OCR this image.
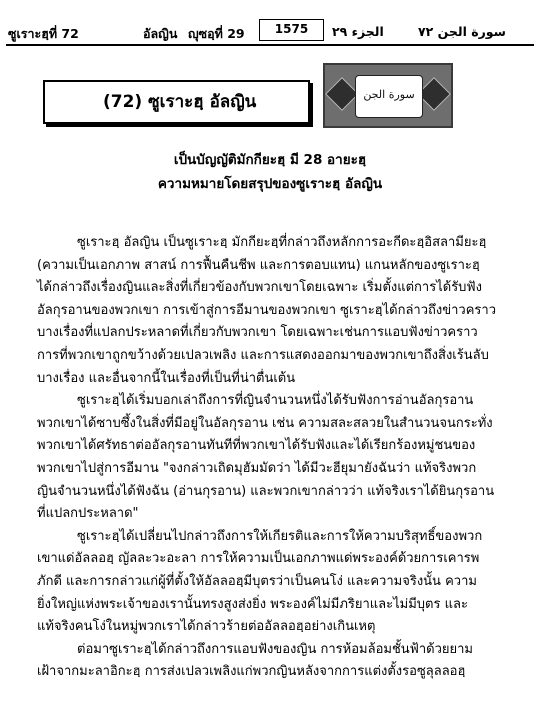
ซูเราะฮฺที่ 72	อัลญิน ญุซอฺที่ 29	الجزء ٢٩	سورة الجن ٧٢
1575
(72) ซูเราะฮฺ อัลญิน	سورة الجن
เป็นบัญญัติมักกียะฮฺ มี 28 อายะฮฺ
ความหมายโดยสรุปของซูเราะฮฺ อัลญิน

ซูเราะฮฺ อัลญิน เป็นซูเราะฮฺ มักกียะฮฺที่กล่าวถึงหลักการอะกีดะฮฺอิสลามียะฮฺ

(ความเป็นเอกภาพ สาสน์ การฟื้นคืนชีพ และการตอบแทน) แกนหลักของซูเราะฮฺ

ได้กล่าวถึงเรื่องญินและสิ่งที่เกี่ยวข้องกับพวกเขาโดยเฉพาะ เริ่มตั้งแต่การได้รับฟัง

อัลกุรอานของพวกเขา การเข้าสู่การอีมานของพวกเขา ซูเราะฮฺได้กล่าวถึงข่าวคราว

บางเรื่องที่แปลกประหลาดที่เกี่ยวกับพวกเขา โดยเฉพาะเช่นการแอบฟังข่าวคราว

การที่พวกเขาถูกขว้างด้วยเปลวเพลิง และการแสดงออกมาของพวกเขาถึงสิ่งเร้นลับ

บางเรื่อง และอื่นจากนี้ในเรื่องที่เป็นที่น่าตื่นเต้น

ซูเราะฮฺได้เริ่มบอกเล่าถึงการที่ญินจำนวนหนึ่งได้รับฟังการอ่านอัลกุรอาน

พวกเขาได้ซาบซึ้งในสิ่งที่มีอยู่ในอัลกุรอาน เช่น ความสละสลวยในสำนวนจนกระทั่ง

พวกเขาได้ศรัทธาต่ออัลกุรอานทันทีที่พวกเขาได้รับฟังและได้เรียกร้องหมู่ชนของ

พวกเขาไปสู่การอีมาน "จงกล่าวเถิดมุฮัมมัดว่า ได้มีวะฮียุมายังฉันว่า แท้จริงพวก

ญินจำนวนหนึ่งได้ฟังฉัน (อ่านกุรอาน) และพวกเขากล่าวว่า แท้จริงเราได้ยินกุรอาน

ที่แปลกประหลาด"

ซูเราะฮฺได้เปลี่ยนไปกล่าวถึงการให้เกียรติและการให้ความบริสุทธิ์ของพวก

เขาแด่อัลลอฮฺ ญัลละวะอะลา การให้ความเป็นเอกภาพแด่พระองค์ด้วยการเคารพ

ภักดี และการกล่าวแก่ผู้ที่ตั้งให้อัลลอฮฺมีบุตรว่าเป็นคนโง่ และความจริงนั้น ความ

ยิ่งใหญ่แห่งพระเจ้าของเรานั้นทรงสูงส่งยิ่ง พระองค์ไม่มีภริยาและไม่มีบุตร และ

แท้จริงคนโง่ในหมู่พวกเราได้กล่าวร้ายต่ออัลลอฮฺอย่างเกินเหตุ

ต่อมาซูเราะฮฺได้กล่าวถึงการแอบฟังของญิน การห้อมล้อมชั้นฟ้าด้วยยาม

เฝ้าจากมะลาอิกะฮฺ การส่งเปลวเพลิงแก่พวกญินหลังจากการแต่งตั้งรอซูลุลลอฮฺ
